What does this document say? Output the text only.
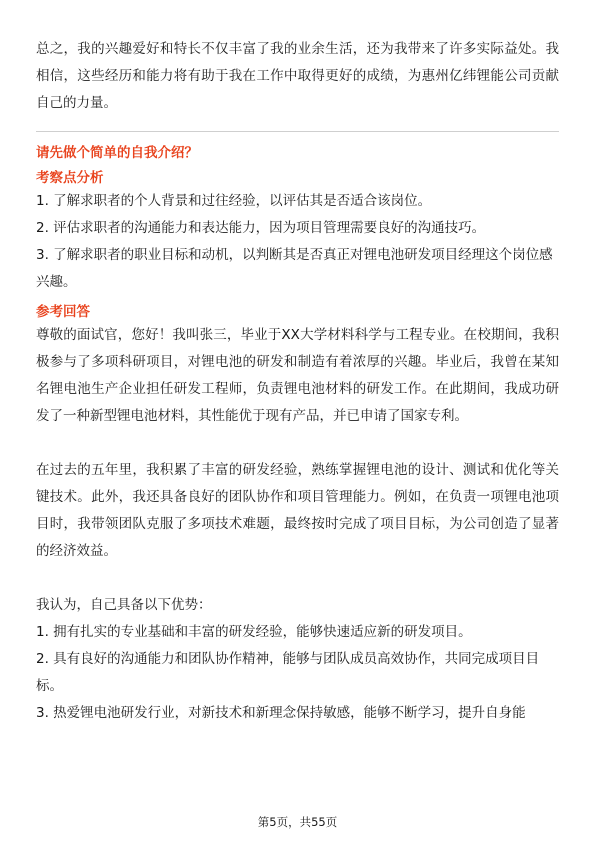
总之，我的兴趣爱好和特长不仅丰富了我的业余生活，还为我带来了许多实际益处。我相信，这些经历和能力将有助于我在工作中取得更好的成绩，为惠州亿纬锂能公司贡献自己的力量。

请先做个简单的自我介绍？

考察点分析

1. 了解求职者的个人背景和过往经验，以评估其是否适合该岗位。

2. 评估求职者的沟通能力和表达能力，因为项目管理需要良好的沟通技巧。

3. 了解求职者的职业目标和动机，以判断其是否真正对锂电池研发项目经理这个岗位感兴趣。

参考回答

尊敬的面试官，您好！我叫张三，毕业于XX大学材料科学与工程专业。在校期间，我积极参与了多项科研项目，对锂电池的研发和制造有着浓厚的兴趣。毕业后，我曾在某知名锂电池生产企业担任研发工程师，负责锂电池材料的研发工作。在此期间，我成功研发了一种新型锂电池材料，其性能优于现有产品，并已申请了国家专利。

在过去的五年里，我积累了丰富的研发经验，熟练掌握锂电池的设计、测试和优化等关键技术。此外，我还具备良好的团队协作和项目管理能力。例如，在负责一项锂电池项目时，我带领团队克服了多项技术难题，最终按时完成了项目目标，为公司创造了显著的经济效益。

我认为，自己具备以下优势：

1. 拥有扎实的专业基础和丰富的研发经验，能够快速适应新的研发项目。

2. 具有良好的沟通能力和团队协作精神，能够与团队成员高效协作，共同完成项目目标。

3. 热爱锂电池研发行业，对新技术和新理念保持敏感，能够不断学习，提升自身能

第5页，共55页
